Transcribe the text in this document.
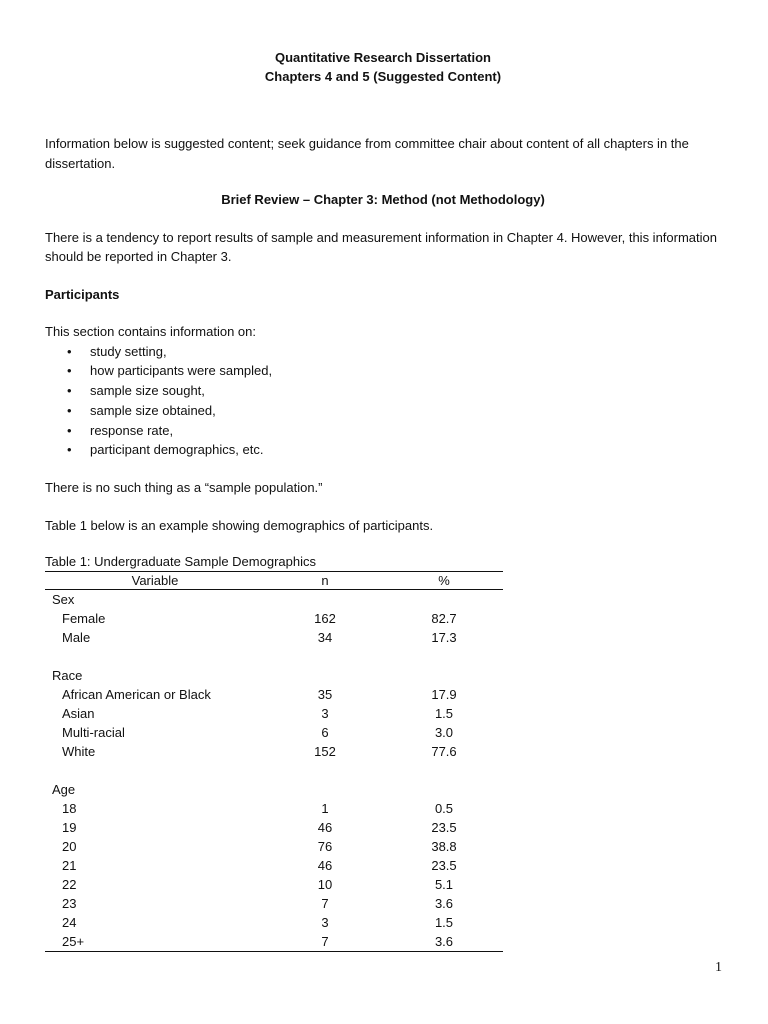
Quantitative Research Dissertation
Chapters 4 and 5 (Suggested Content)

Information below is suggested content; seek guidance from committee chair about content of all chapters in the dissertation.

Brief Review – Chapter 3: Method (not Methodology)

There is a tendency to report results of sample and measurement information in Chapter 4. However, this information should be reported in Chapter 3.

Participants

This section contains information on:

• study setting,
• how participants were sampled,
• sample size sought,
• sample size obtained,
• response rate,
• participant demographics, etc.

There is no such thing as a “sample population.”

Table 1 below is an example showing demographics of participants.

Table 1: Undergraduate Sample Demographics
Variable	n	%
Sex		
Female	162	82.7
Male	34	17.3

Race		
African American or Black	35	17.9
Asian	3	1.5
Multi-racial	6	3.0
White	152	77.6

Age		
18	1	0.5
19	46	23.5
20	76	38.8
21	46	23.5
22	10	5.1
23	7	3.6
24	3	1.5
25+	7	3.6
1
